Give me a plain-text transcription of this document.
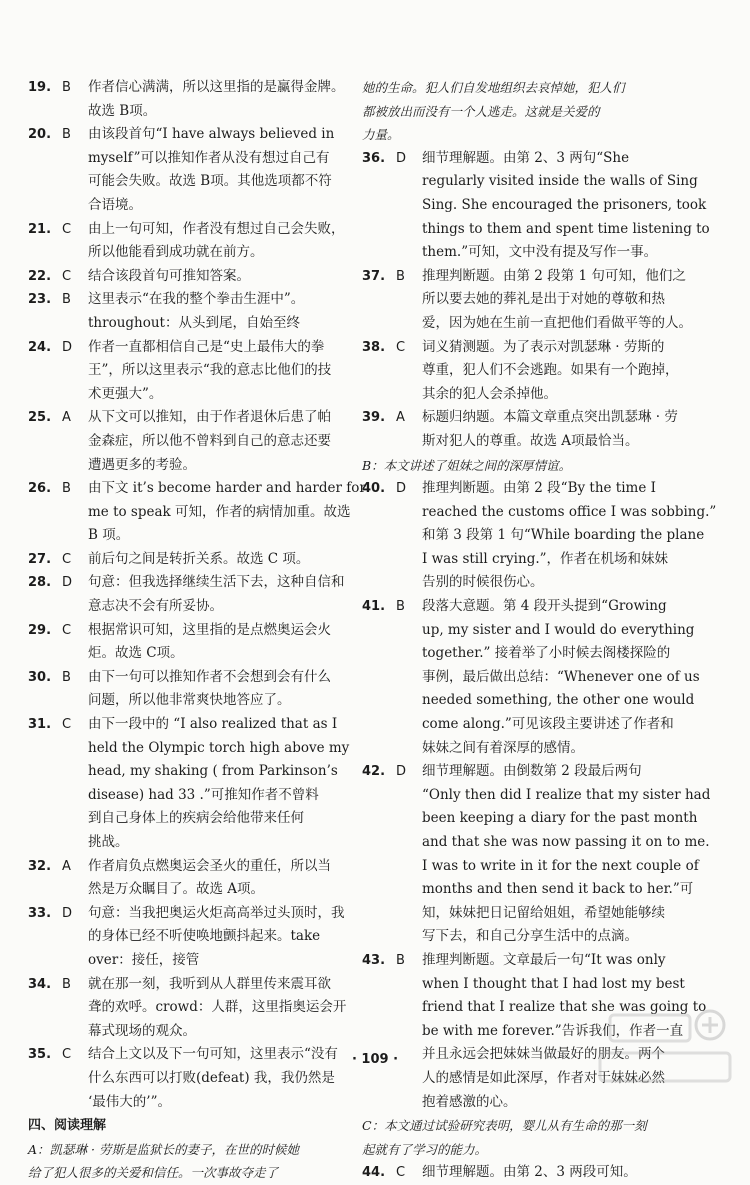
19. B	作者信心满满，所以这里指的是赢得金牌。
故选 B项。
20. B	由该段首句“I have always believed in
myself”可以推知作者从没有想过自己有
可能会失败。故选 B项。其他选项都不符
合语境。
21. C	由上一句可知，作者没有想过自己会失败，
所以他能看到成功就在前方。
22. C	结合该段首句可推知答案。
23. B	这里表示“在我的整个拳击生涯中”。
throughout：从头到尾，自始至终
24. D	作者一直都相信自己是“史上最伟大的拳
王”，所以这里表示“我的意志比他们的技
术更强大”。
25. A	从下文可以推知，由于作者退休后患了帕
金森症，所以他不曾料到自己的意志还要
遭遇更多的考验。
26. B	由下文 it’s become harder and harder for
me to speak 可知，作者的病情加重。故选
B 项。
27. C	前后句之间是转折关系。故选 C 项。
28. D	句意：但我选择继续生活下去，这种自信和
意志决不会有所妥协。
29. C	根据常识可知，这里指的是点燃奥运会火
炬。故选 C项。
30. B	由下一句可以推知作者不会想到会有什么
问题，所以他非常爽快地答应了。
31. C	由下一段中的 “I also realized that as I
held the Olympic torch high above my
head, my shaking ( from Parkinson’s
disease) had 33 .”可推知作者不曾料
到自己身体上的疾病会给他带来任何
挑战。
32. A	作者肩负点燃奥运会圣火的重任，所以当
然是万众瞩目了。故选 A项。
33. D	句意：当我把奥运火炬高高举过头顶时，我
的身体已经不听使唤地颤抖起来。take
over：接任，接管
34. B	就在那一刻，我听到从人群里传来震耳欲
聋的欢呼。crowd：人群，这里指奥运会开
幕式现场的观众。
35. C	结合上文以及下一句可知，这里表示“没有
什么东西可以打败(defeat) 我，我仍然是
‘最伟大的’”。
四、阅读理解
A：凯瑟琳 · 劳斯是监狱长的妻子，在世的时候她
给了犯人很多的关爱和信任。一次事故夺走了
她的生命。犯人们自发地组织去哀悼她，犯人们
都被放出而没有一个人逃走。这就是关爱的
力量。
36. D	细节理解题。由第 2、3 两句“She
regularly visited inside the walls of Sing
Sing. She encouraged the prisoners, took
things to them and spent time listening to
them.”可知，文中没有提及写作一事。
37. B	推理判断题。由第 2 段第 1 句可知，他们之
所以要去她的葬礼是出于对她的尊敬和热
爱，因为她在生前一直把他们看做平等的人。
38. C	词义猜测题。为了表示对凯瑟琳 · 劳斯的
尊重，犯人们不会逃跑。如果有一个跑掉，
其余的犯人会杀掉他。
39. A	标题归纳题。本篇文章重点突出凯瑟琳 · 劳
斯对犯人的尊重。故选 A项最恰当。
B：本文讲述了姐妹之间的深厚情谊。
40. D	推理判断题。由第 2 段“By the time I
reached the customs office I was sobbing.”
和第 3 段第 1 句“While boarding the plane
I was still crying.”，作者在机场和妹妹
告别的时候很伤心。
41. B	段落大意题。第 4 段开头提到“Growing
up, my sister and I would do everything
together.” 接着举了小时候去阁楼探险的
事例，最后做出总结：“Whenever one of us
needed something, the other one would
come along.”可见该段主要讲述了作者和
妹妹之间有着深厚的感情。
42. D	细节理解题。由倒数第 2 段最后两句
“Only then did I realize that my sister had
been keeping a diary for the past month
and that she was now passing it on to me.
I was to write in it for the next couple of
months and then send it back to her.”可
知，妹妹把日记留给姐姐，希望她能够续
写下去，和自己分享生活中的点滴。
43. B	推理判断题。文章最后一句“It was only
when I thought that I had lost my best
friend that I realize that she was going to
be with me forever.”告诉我们，作者一直
并且永远会把妹妹当做最好的朋友。两个
人的感情是如此深厚，作者对于妹妹必然
抱着感激的心。
C：本文通过试验研究表明，婴儿从有生命的那一刻
起就有了学习的能力。
44. C	细节理解题。由第 2、3 两段可知。
· 109 ·
